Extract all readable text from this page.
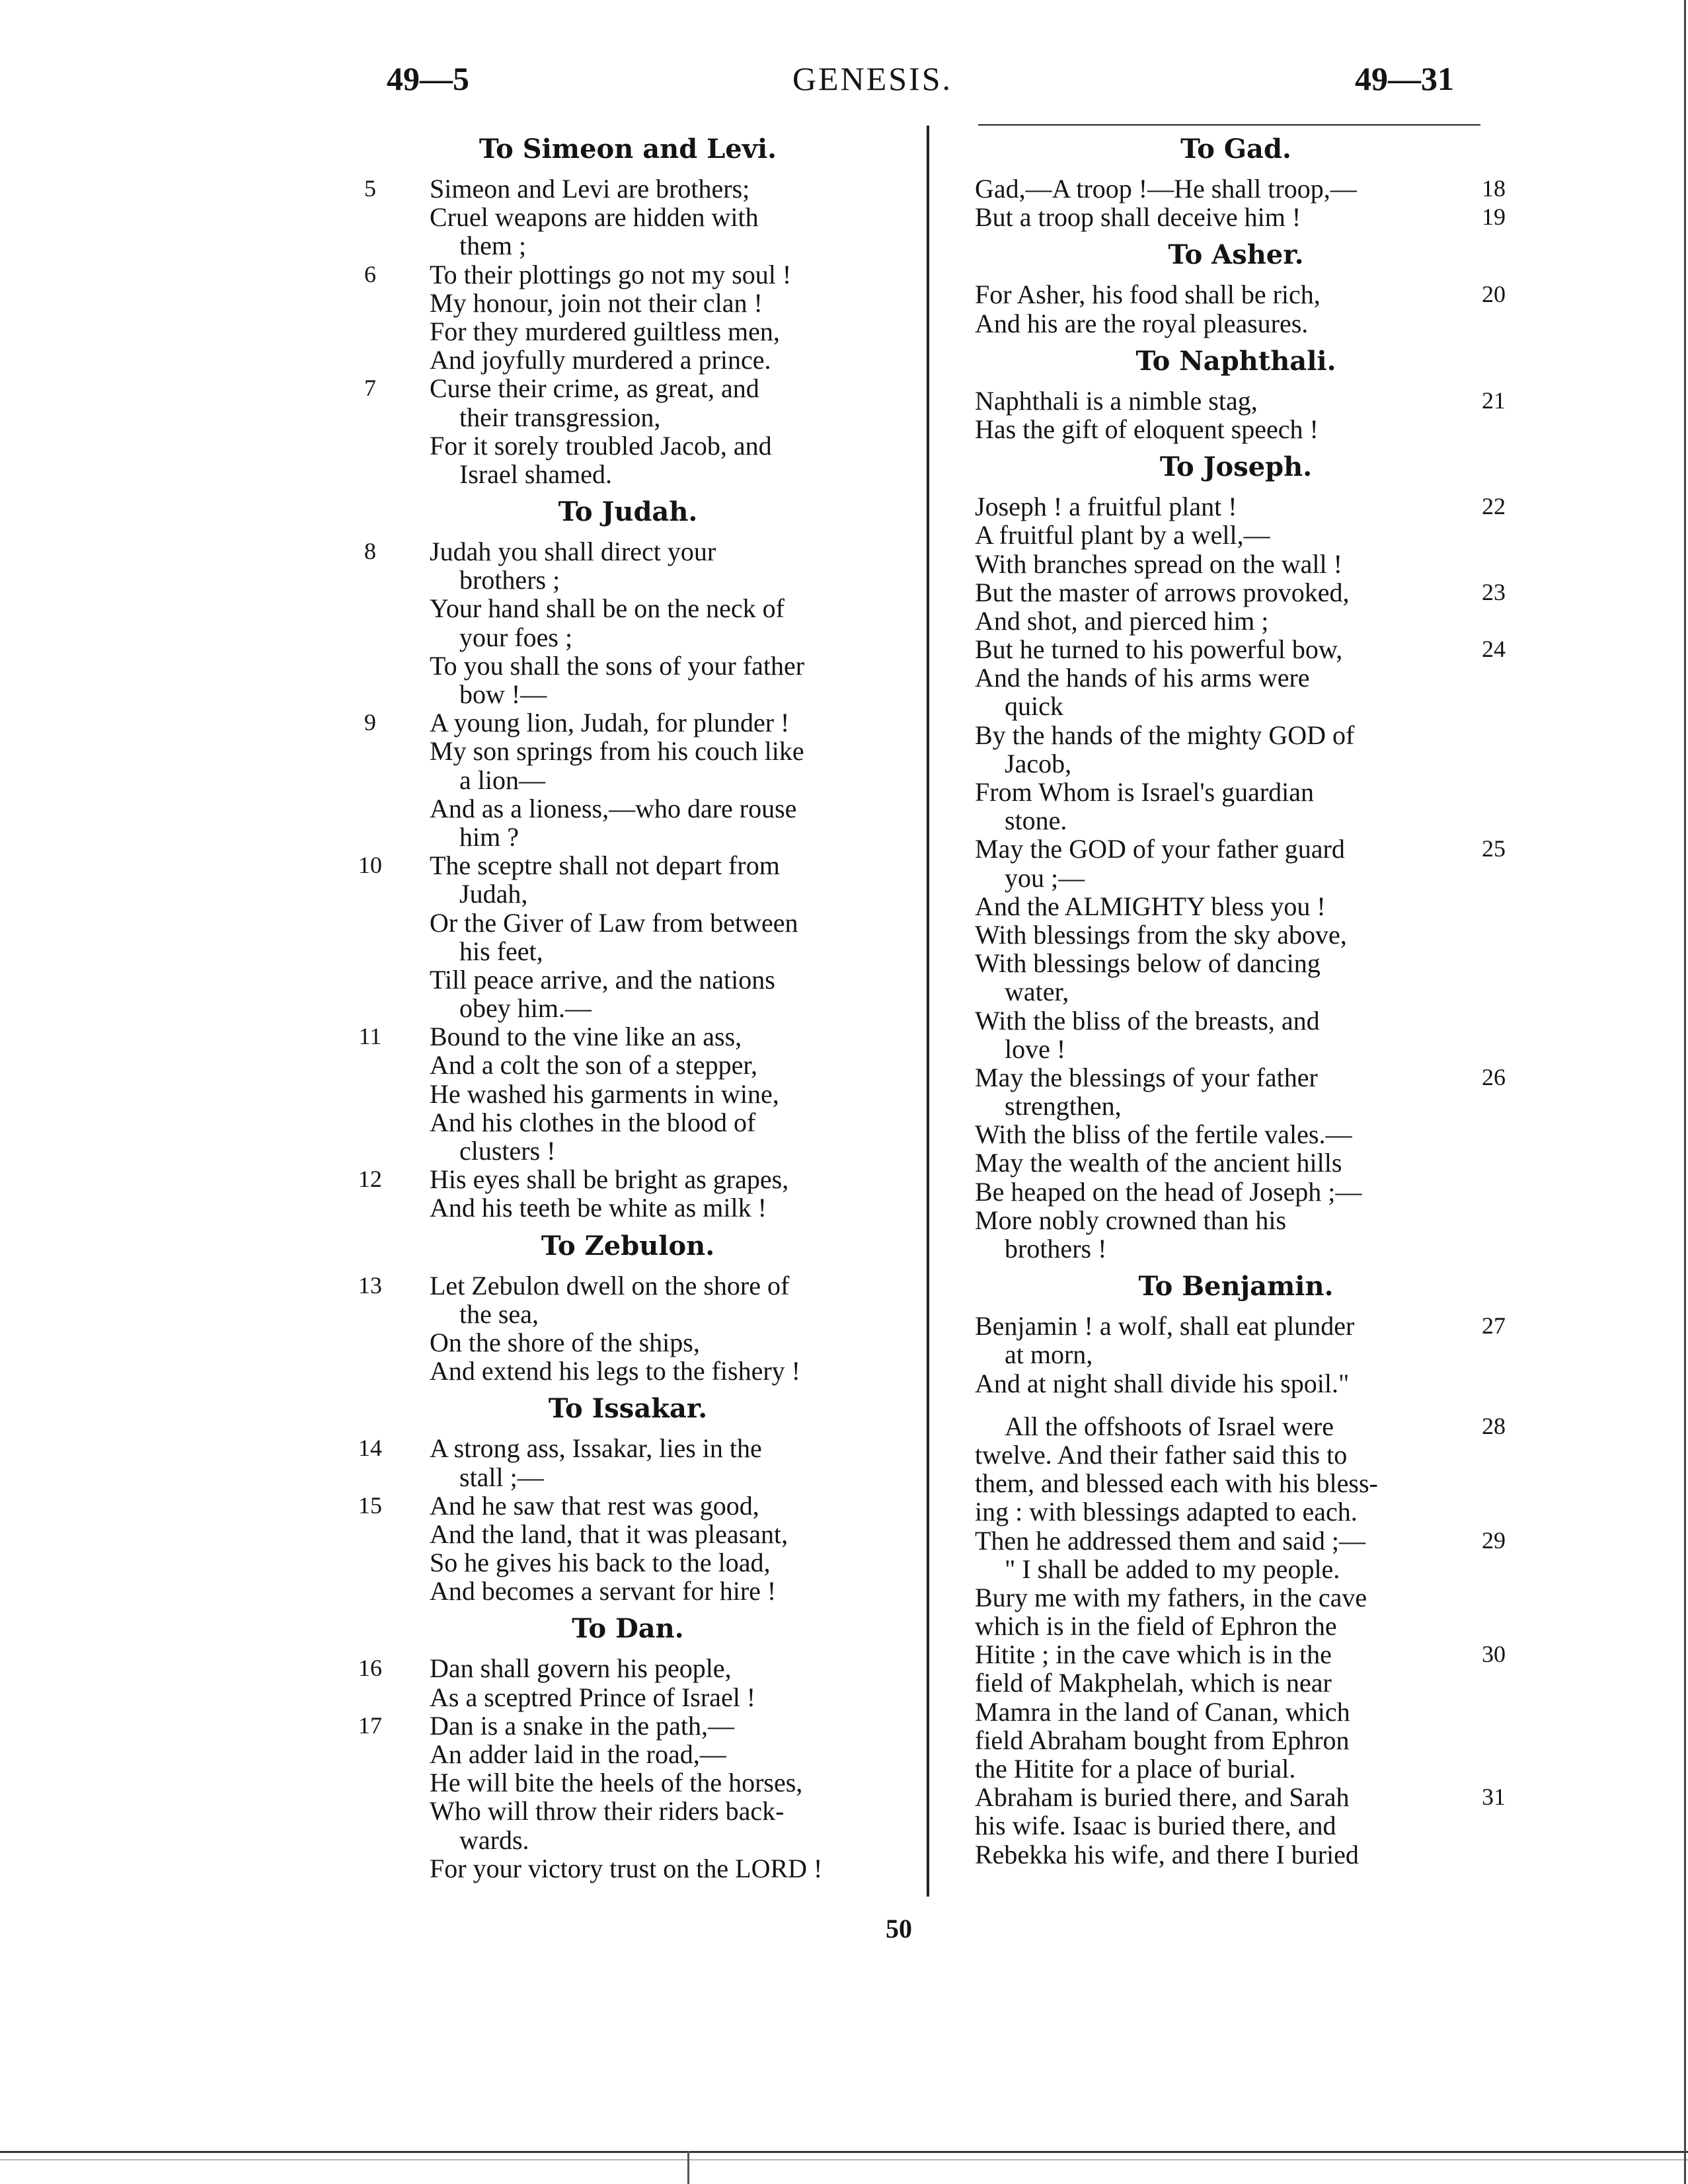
49—5	GENESIS.	49—31
To Simeon and Levi.
5	Simeon and Levi are brothers;
Cruel weapons are hidden with
them ;
6	To their plottings go not my soul !
My honour, join not their clan !
For they murdered guiltless men,
And joyfully murdered a prince.
7	Curse their crime, as great, and
their transgression,
For it sorely troubled Jacob, and
Israel shamed.
To Judah.
8	Judah you shall direct your
brothers ;
Your hand shall be on the neck of
your foes ;
To you shall the sons of your father
bow !—
9	A young lion, Judah, for plunder !
My son springs from his couch like
a lion—
And as a lioness,—who dare rouse
him ?
10	The sceptre shall not depart from
Judah,
Or the Giver of Law from between
his feet,
Till peace arrive, and the nations
obey him.—
11	Bound to the vine like an ass,
And a colt the son of a stepper,
He washed his garments in wine,
And his clothes in the blood of
clusters !
12	His eyes shall be bright as grapes,
And his teeth be white as milk !
To Zebulon.
13	Let Zebulon dwell on the shore of
the sea,
On the shore of the ships,
And extend his legs to the fishery !
To Issakar.
14	A strong ass, Issakar, lies in the
stall ;—
15	And he saw that rest was good,
And the land, that it was pleasant,
So he gives his back to the load,
And becomes a servant for hire !
To Dan.
16	Dan shall govern his people,
As a sceptred Prince of Israel !
17	Dan is a snake in the path,—
An adder laid in the road,—
He will bite the heels of the horses,
Who will throw their riders back-
wards.
For your victory trust on the LORD !
To Gad.
18
Gad,—A troop !—He shall troop,—
19
But a troop shall deceive him !
To Asher.
20
For Asher, his food shall be rich,
And his are the royal pleasures.
To Naphthali.
21
Naphthali is a nimble stag,
Has the gift of eloquent speech !
To Joseph.
22
Joseph ! a fruitful plant !
A fruitful plant by a well,—
With branches spread on the wall !
23
But the master of arrows provoked,
And shot, and pierced him ;
24
But he turned to his powerful bow,
And the hands of his arms were
quick
By the hands of the mighty GOD of
Jacob,
From Whom is Israel's guardian
stone.
25
May the GOD of your father guard
you ;—
And the ALMIGHTY bless you !
With blessings from the sky above,
With blessings below of dancing
water,
With the bliss of the breasts, and
love !
26
May the blessings of your father
strengthen,
With the bliss of the fertile vales.—
May the wealth of the ancient hills
Be heaped on the head of Joseph ;—
More nobly crowned than his
brothers !
To Benjamin.
27
Benjamin ! a wolf, shall eat plunder
at morn,
And at night shall divide his spoil."
28
All the offshoots of Israel were
twelve. And their father said this to
them, and blessed each with his bless-
ing : with blessings adapted to each.
29
Then he addressed them and said ;—
" I shall be added to my people.
Bury me with my fathers, in the cave
which is in the field of Ephron the
30
Hitite ; in the cave which is in the
field of Makphelah, which is near
Mamra in the land of Canan, which
field Abraham bought from Ephron
the Hitite for a place of burial.
31
Abraham is buried there, and Sarah
his wife. Isaac is buried there, and
Rebekka his wife, and there I buried
50
